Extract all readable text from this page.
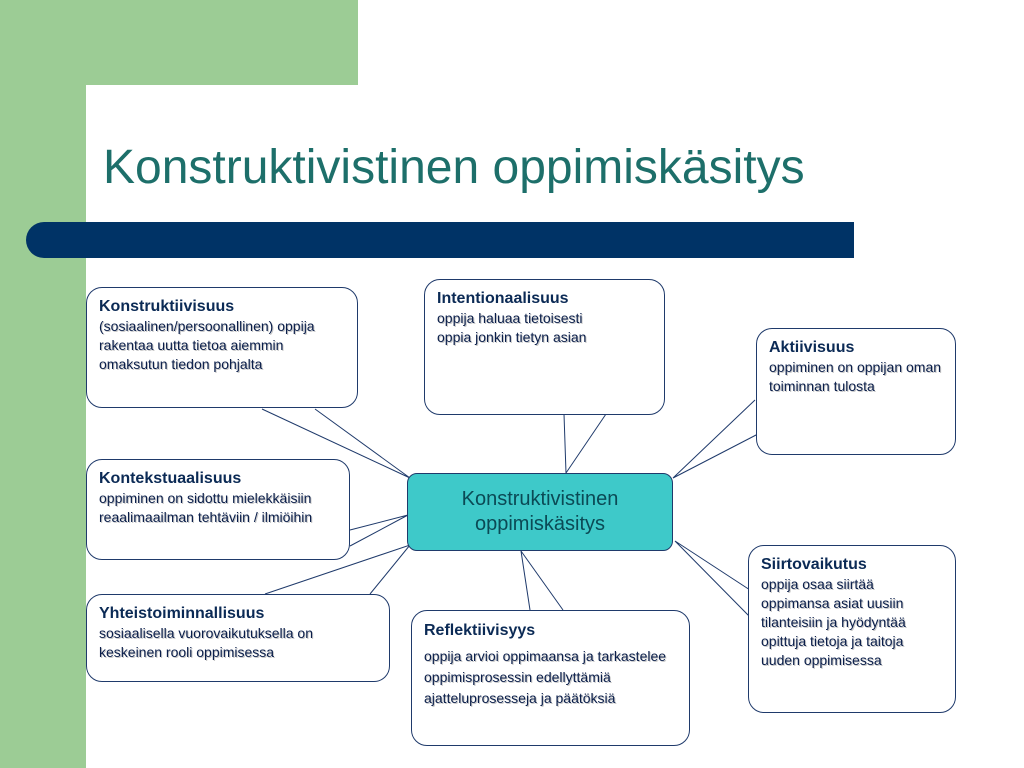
Konstruktivistinen oppimiskäsitys
Konstruktiivisuus
(sosiaalinen/persoonallinen) oppija rakentaa uutta tietoa aiemmin omaksutun tiedon pohjalta
Intentionaalisuus
oppija haluaa tietoisesti oppia jonkin tietyn asian
Aktiivisuus
oppiminen on oppijan oman toiminnan tulosta
Kontekstuaalisuus
oppiminen on sidottu mielekkäisiin reaalimaailman tehtäviin / ilmiöihin
Yhteistoiminnallisuus
sosiaalisella vuorovaikutuksella on keskeinen rooli oppimisessa
Reflektiivisyys
oppija arvioi oppimaansa ja tarkastelee oppimisprosessin edellyttämiä ajatteluprosesseja ja päätöksiä
Siirtovaikutus
oppija osaa siirtää oppimansa asiat uusiin tilanteisiin ja hyödyntää opittuja tietoja ja taitoja uuden oppimisessa
Konstruktivistinen
oppimiskäsitys
